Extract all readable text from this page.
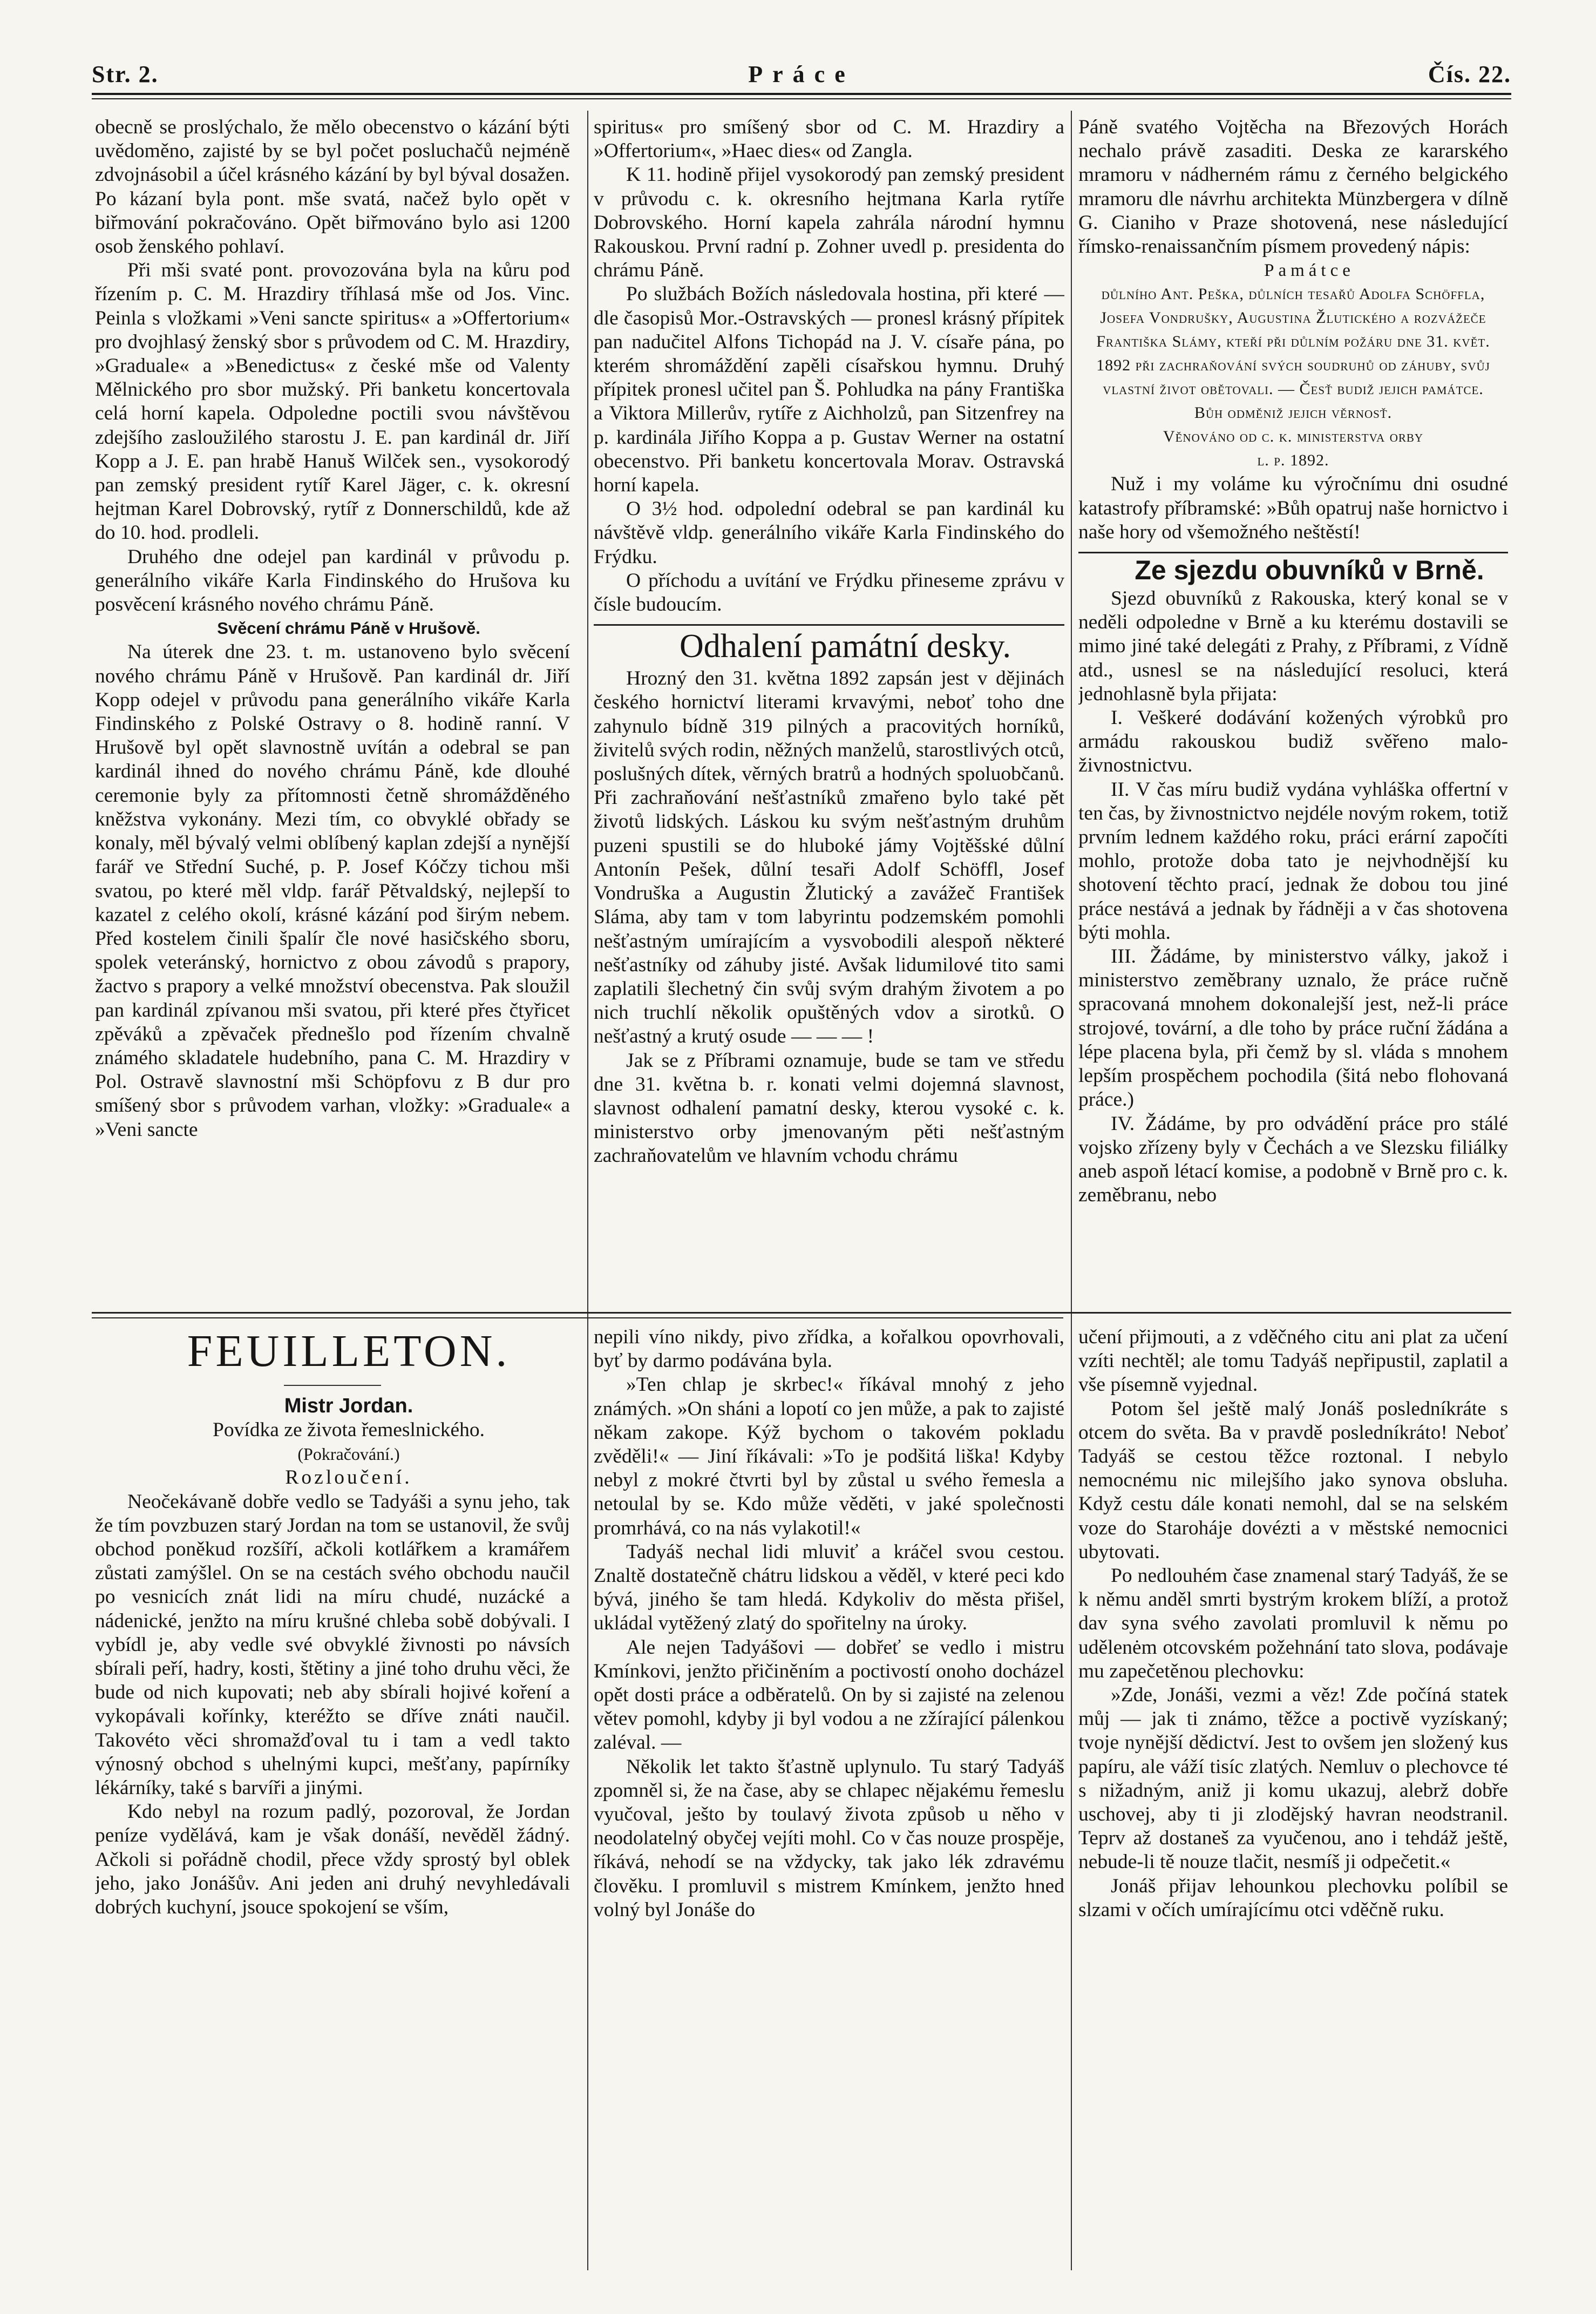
Str. 2.	Práce	Čís. 22.

obecně se proslýchalo, že mělo obecenstvo o kázání býti uvědoměno, zajisté by se byl počet posluchačů nejméně zdvojnásobil a účel krásného kázání by byl býval dosažen. Po kázaní byla pont. mše svatá, načež bylo opět v biřmování pokračováno. Opět biřmováno bylo asi 1200 osob ženského pohlaví.

Při mši svaté pont. provozována byla na kůru pod řízením p. C. M. Hrazdiry tříhlasá mše od Jos. Vinc. Peinla s vložkami »Veni sancte spiritus« a »Offertorium« pro dvojhlasý ženský sbor s průvodem od C. M. Hrazdiry, »Graduale« a »Benedictus« z české mše od Valenty Mělnického pro sbor mužský. Při banketu koncertovala celá horní kapela. Odpoledne poctili svou návštěvou zdejšího zasloužilého starostu J. E. pan kardinál dr. Jiří Kopp a J. E. pan hrabě Hanuš Wilček sen., vysokorodý pan zemský president rytíř Karel Jäger, c. k. okresní hejtman Karel Dobrovský, rytíř z Donnerschildů, kde až do 10. hod. prodleli.

Druhého dne odejel pan kardinál v průvodu p. generálního vikáře Karla Findinského do Hrušova ku posvěcení krásného nového chrámu Páně.

Svěcení chrámu Páně v Hrušově.

Na úterek dne 23. t. m. ustanoveno bylo svěcení nového chrámu Páně v Hrušově. Pan kardinál dr. Jiří Kopp odejel v průvodu pana generálního vikáře Karla Findinského z Polské Ostravy o 8. hodině ranní. V Hrušově byl opět slavnostně uvítán a odebral se pan kardinál ihned do nového chrámu Páně, kde dlouhé ceremonie byly za přítomnosti četně shromážděného kněžstva vykonány. Mezi tím, co obvyklé obřady se konaly, měl bývalý velmi oblíbený kaplan zdejší a nynější farář ve Střední Suché, p. P. Josef Kóčzy tichou mši svatou, po které měl vldp. farář Pětvaldský, nejlepší to kazatel z celého okolí, krásné kázání pod širým nebem. Před kostelem činili špalír čle nové hasičského sboru, spolek veteránský, hornictvo z obou závodů s prapory, žactvo s prapory a velké množství obecenstva. Pak sloužil pan kardinál zpívanou mši svatou, při které přes čtyřicet zpěváků a zpěvaček přednešlo pod řízením chvalně známého skladatele hudebního, pana C. M. Hrazdiry v Pol. Ostravě slavnostní mši Schöpfovu z B dur pro smíšený sbor s průvodem varhan, vložky: »Graduale« a »Veni sancte

spiritus« pro smíšený sbor od C. M. Hrazdiry a »Offertorium«, »Haec dies« od Zangla.

K 11. hodině přijel vysokorodý pan zemský president v průvodu c. k. okresního hejtmana Karla rytíře Dobrovského. Horní kapela zahrála národní hymnu Rakouskou. První radní p. Zohner uvedl p. presidenta do chrámu Páně.

Po službách Božích následovala hostina, při které — dle časopisů Mor.-Ostravských — pronesl krásný přípitek pan nadučitel Alfons Tichopád na J. V. císaře pána, po kterém shromáždění zapěli císařskou hymnu. Druhý přípitek pronesl učitel pan Š. Pohludka na pány Františka a Viktora Millerův, rytíře z Aichholzů, pan Sitzenfrey na p. kardinála Jiřího Koppa a p. Gustav Werner na ostatní obecenstvo. Při banketu koncertovala Morav. Ostravská horní kapela.

O 3½ hod. odpolední odebral se pan kardinál ku návštěvě vldp. generálního vikáře Karla Findinského do Frýdku.

O příchodu a uvítání ve Frýdku přineseme zprávu v čísle budoucím.

Odhalení památní desky.

Hrozný den 31. května 1892 zapsán jest v dějinách českého hornictví literami krvavými, neboť toho dne zahynulo bídně 319 pilných a pracovitých horníků, živitelů svých rodin, něžných manželů, starostlivých otců, poslušných dítek, věrných bratrů a hodných spoluobčanů. Při zachraňování nešťastníků zmařeno bylo také pět životů lidských. Láskou ku svým nešťastným druhům puzeni spustili se do hluboké jámy Vojtěšské důlní Antonín Pešek, důlní tesaři Adolf Schöffl, Josef Vondruška a Augustin Žlutický a zavážeč František Sláma, aby tam v tom labyrintu podzemském pomohli nešťastným umírajícím a vysvobodili alespoň některé nešťastníky od záhuby jisté. Avšak lidumilové tito sami zaplatili šlechetný čin svůj svým drahým životem a po nich truchlí několik opuštěných vdov a sirotků. O nešťastný a krutý osude — — — !

Jak se z Příbrami oznamuje, bude se tam ve středu dne 31. května b. r. konati velmi dojemná slavnost, slavnost odhalení pamatní desky, kterou vysoké c. k. ministerstvo orby jmenovaným pěti nešťastným zachraňovatelům ve hlavním vchodu chrámu

Páně svatého Vojtěcha na Březových Horách nechalo právě zasaditi. Deska ze kararského mramoru v nádherném rámu z černého belgického mramoru dle návrhu architekta Münzbergera v dílně G. Cianiho v Praze shotovená, nese následující římsko-renaissančním písmem provedený nápis:

Památce

důlního Ant. Peška, důlních tesařů Adolfa Schöffla, Josefa Vondrušky, Augustina Žlutického a rozvážeče Františka Slámy, kteří při důlním požáru dne 31. květ. 1892 při zachraňování svých soudruhů od záhuby, svůj vlastní život obětovali. — Česť budiž jejich památce.

Bůh odměniž jejich věrnosť.

Věnováno od c. k. ministerstva orby

l. p. 1892.

Nuž i my voláme ku výročnímu dni osudné katastrofy příbramské: »Bůh opatruj naše hornictvo i naše hory od všemožného neštěstí!

Ze sjezdu obuvníků v Brně.

Sjezd obuvníků z Rakouska, který konal se v neděli odpoledne v Brně a ku kterému dostavili se mimo jiné také delegáti z Prahy, z Příbrami, z Vídně atd., usnesl se na následující resoluci, která jednohlasně byla přijata:

I. Veškeré dodávání kožených výrobků pro armádu rakouskou budiž svěřeno malo-živnostnictvu.

II. V čas míru budiž vydána vyhláška offertní v ten čas, by živnostnictvo nejdéle novým rokem, totiž prvním lednem každého roku, práci erární započíti mohlo, protože doba tato je nejvhodnější ku shotovení těchto prací, jednak že dobou tou jiné práce nestává a jednak by řádněji a v čas shotovena býti mohla.

III. Žádáme, by ministerstvo války, jakož i ministerstvo zeměbrany uznalo, že práce ručně spracovaná mnohem dokonalejší jest, než-li práce strojové, tovární, a dle toho by práce ruční žádána a lépe placena byla, při čemž by sl. vláda s mnohem lepším prospěchem pochodila (šitá nebo flohovaná práce.)

IV. Žádáme, by pro odvádění práce pro stálé vojsko zřízeny byly v Čechách a ve Slezsku filiálky aneb aspoň létací komise, a podobně v Brně pro c. k. zeměbranu, nebo

FEUILLETON.

Mistr Jordan.

Povídka ze života řemeslnického.

(Pokračování.)

Rozloučení.

Neočekávaně dobře vedlo se Tadyáši a synu jeho, tak že tím povzbuzen starý Jordan na tom se ustanovil, že svůj obchod poněkud rozšíří, ačkoli kotlářkem a kramářem zůstati zamýšlel. On se na cestách svého obchodu naučil po vesnicích znát lidi na míru chudé, nuzácké a nádenické, jenžto na míru krušné chleba sobě dobývali. I vybídl je, aby vedle své obvyklé živnosti po návsích sbírali peří, hadry, kosti, štětiny a jiné toho druhu věci, že bude od nich kupovati; neb aby sbírali hojivé koření a vykopávali kořínky, kteréžto se dříve znáti naučil. Takovéto věci shromažďoval tu i tam a vedl takto výnosný obchod s uhelnými kupci, mešťany, papírníky lékárníky, také s barvíři a jinými.

Kdo nebyl na rozum padlý, pozoroval, že Jordan peníze vydělává, kam je však donáší, nevěděl žádný. Ačkoli si pořádně chodil, přece vždy sprostý byl oblek jeho, jako Jonášův. Ani jeden ani druhý nevyhledávali dobrých kuchyní, jsouce spokojení se vším,

nepili víno nikdy, pivo zřídka, a kořalkou opovrhovali, byť by darmo podávána byla.

»Ten chlap je skrbec!« říkával mnohý z jeho známých. »On sháni a lopotí co jen může, a pak to zajisté někam zakope. Kýž bychom o takovém pokladu zvěděli!« — Jiní říkávali: »To je podšitá liška! Kdyby nebyl z mokré čtvrti byl by zůstal u svého řemesla a netoulal by se. Kdo může věděti, v jaké společnosti promrhává, co na nás vylakotil!«

Tadyáš nechal lidi mluviť a kráčel svou cestou. Znaltě dostatečně chátru lidskou a věděl, v které peci kdo bývá, jiného še tam hledá. Kdykoliv do města přišel, ukládal vytěžený zlatý do spořitelny na úroky.

Ale nejen Tadyášovi — dobřeť se vedlo i mistru Kmínkovi, jenžto přičiněním a poctivostí onoho docházel opět dosti práce a odběratelů. On by si zajisté na zelenou větev pomohl, kdyby ji byl vodou a ne zžírající pálenkou zaléval. —

Několik let takto šťastně uplynulo. Tu starý Tadyáš zpomněl si, že na čase, aby se chlapec nějakému řemeslu vyučoval, ješto by toulavý života způsob u něho v neodolatelný obyčej vejíti mohl. Co v čas nouze prospěje, říkává, nehodí se na vždycky, tak jako lék zdravému člověku. I promluvil s mistrem Kmínkem, jenžto hned volný byl Jonáše do

učení přijmouti, a z vděčného citu ani plat za učení vzíti nechtěl; ale tomu Tadyáš nepřipustil, zaplatil a vše písemně vyjednal.

Potom šel ještě malý Jonáš posledníkráte s otcem do světa. Ba v pravdě posledníkráto! Neboť Tadyáš se cestou těžce roztonal. I nebylo nemocnému nic milejšího jako synova obsluha. Když cestu dále konati nemohl, dal se na selském voze do Staroháje dovézti a v městské nemocnici ubytovati.

Po nedlouhém čase znamenal starý Tadyáš, že se k němu anděl smrti bystrým krokem blíží, a protož dav syna svého zavolati promluvil k němu po udělenėm otcovském požehnání tato slova, podávaje mu zapečetěnou plechovku:

»Zde, Jonáši, vezmi a věz! Zde počíná statek můj — jak ti známo, těžce a poctivě vyzískaný; tvoje nynější dědictví. Jest to ovšem jen složený kus papíru, ale váží tisíc zlatých. Nemluv o plechovce té s nižadným, aniž ji komu ukazuj, alebrž dobře uschovej, aby ti ji zlodějský havran neodstranil. Teprv až dostaneš za vyučenou, ano i tehdáž ještě, nebude-li tě nouze tlačit, nesmíš ji odpečetit.«

Jonáš přijav lehounkou plechovku políbil se slzami v očích umírajícímu otci vděčně ruku.
